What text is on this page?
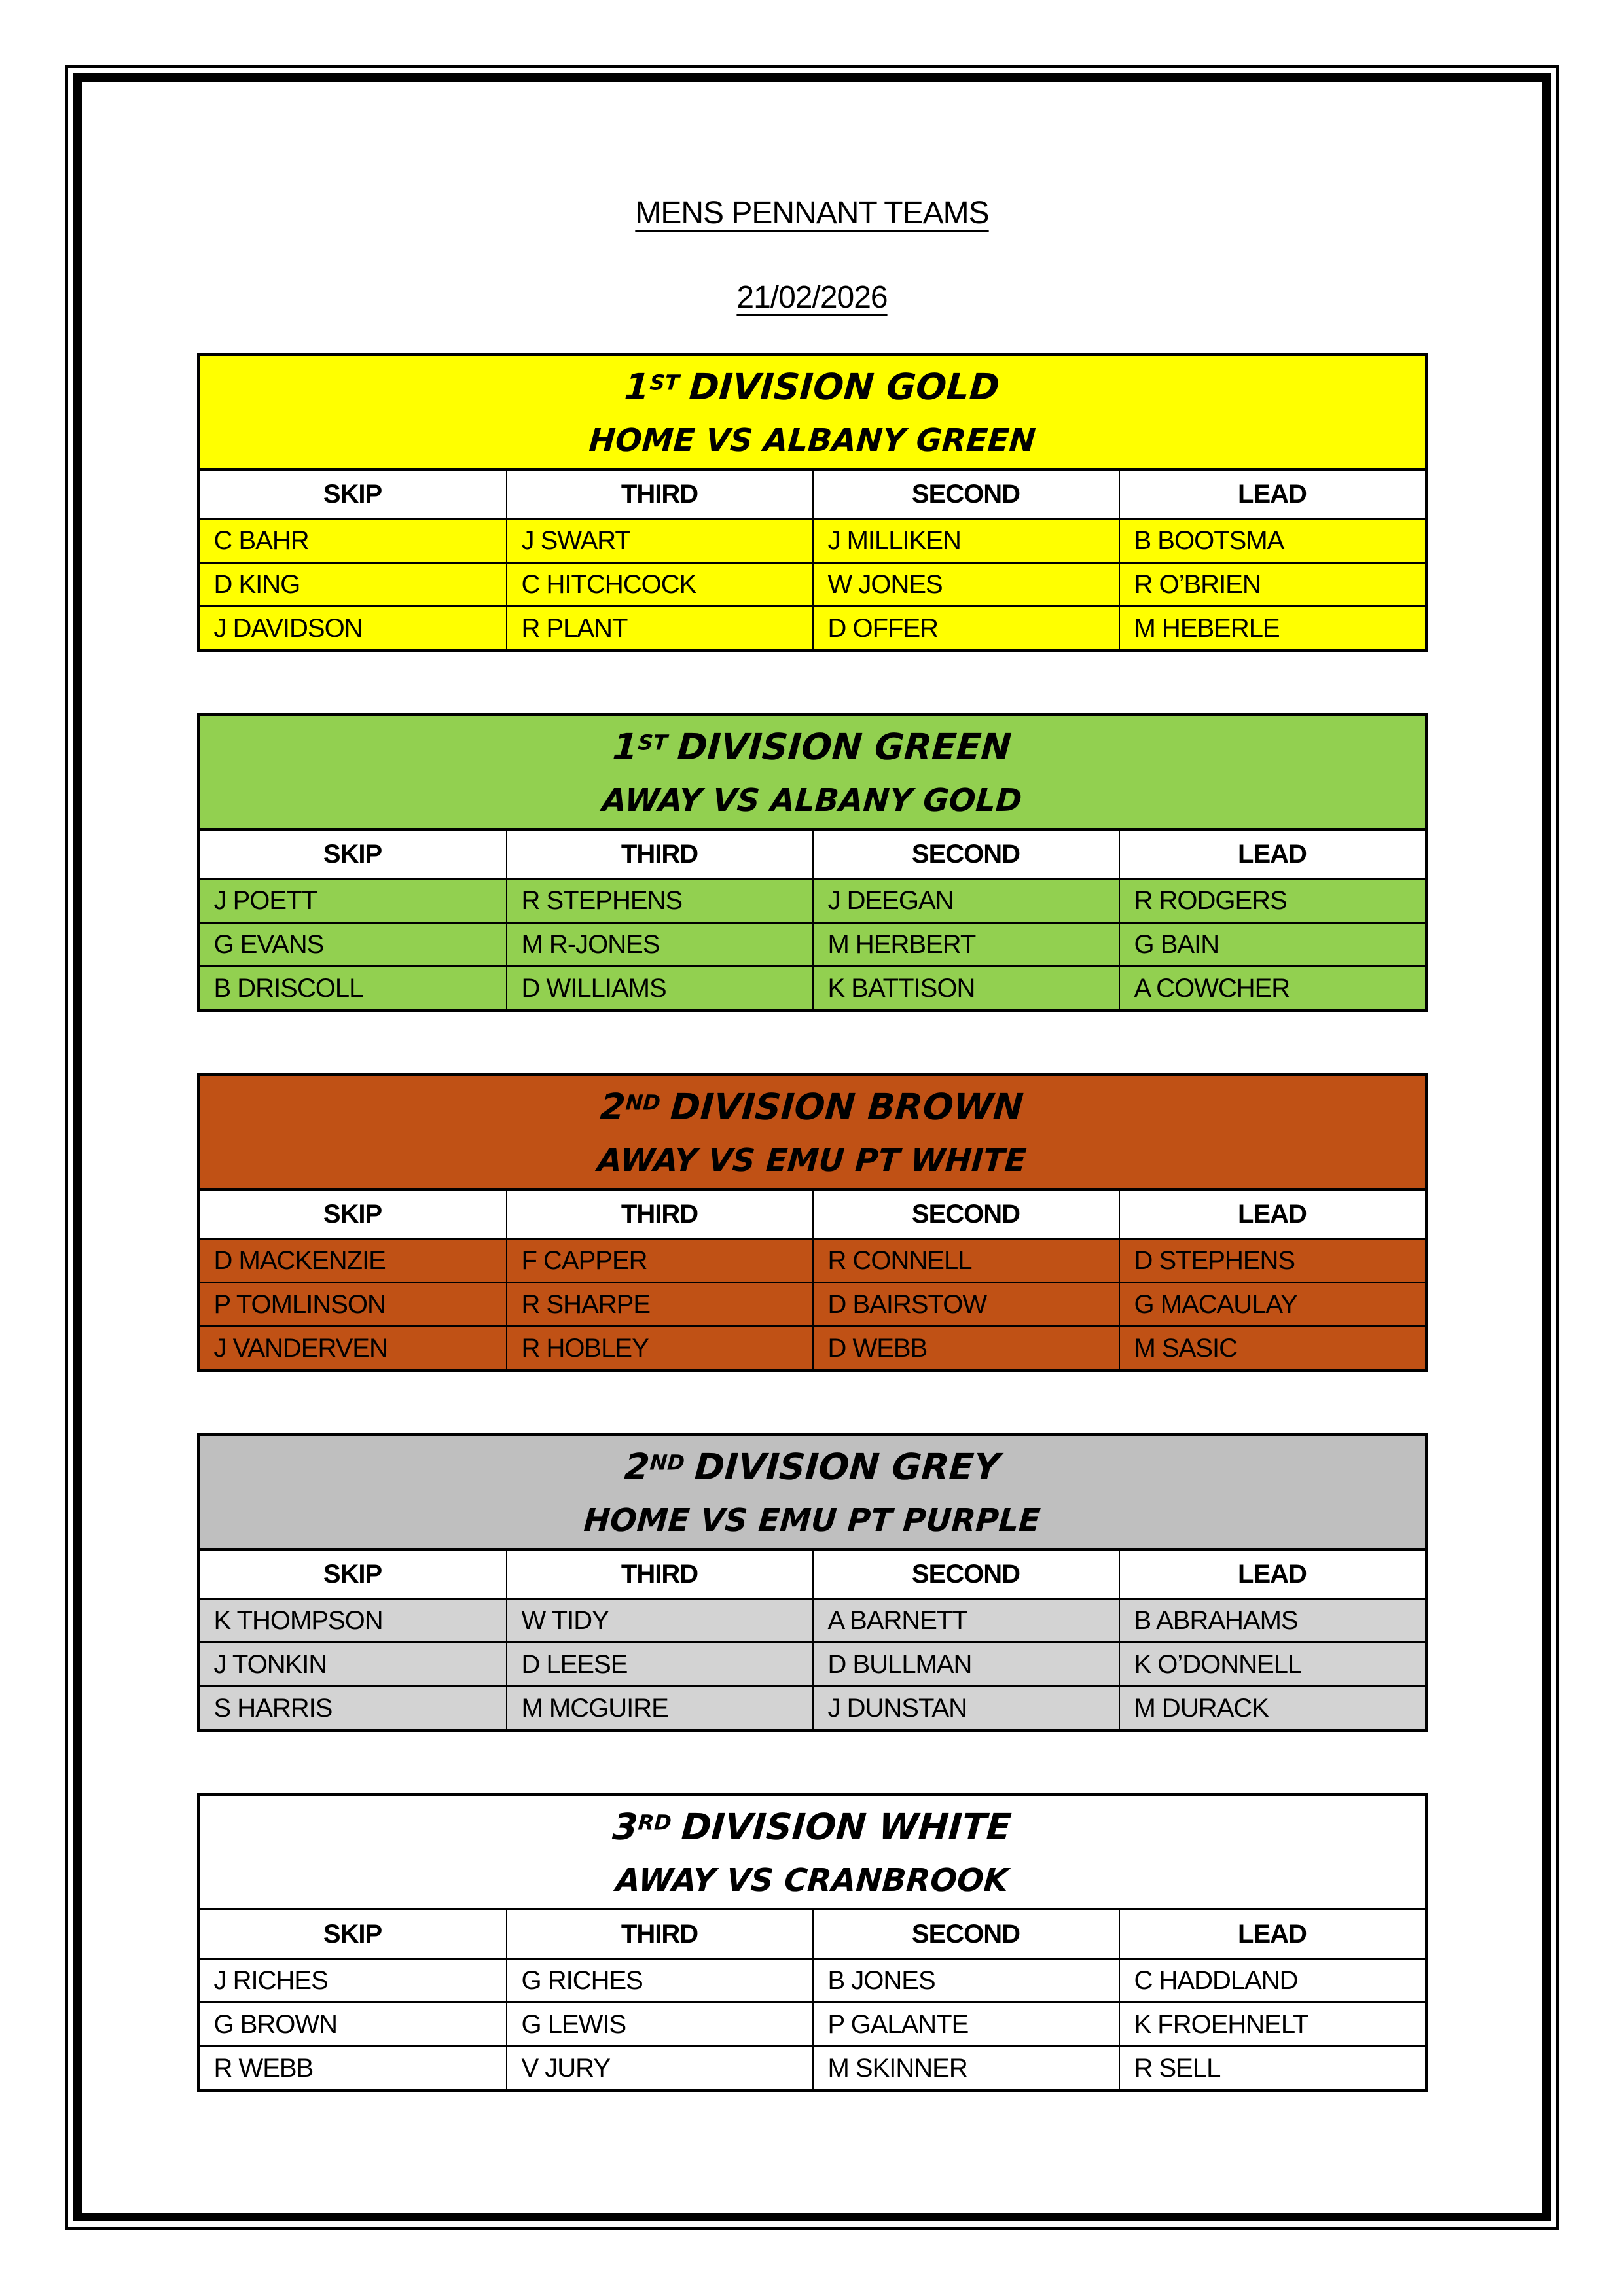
MENS PENNANT TEAMS
21/02/2026
1ST DIVISION GOLD
HOME VS ALBANY GREEN
SKIP	THIRD	SECOND	LEAD
C BAHR	J SWART	J MILLIKEN	B BOOTSMA
D KING	C HITCHCOCK	W JONES	R O’BRIEN
J DAVIDSON	R PLANT	D OFFER	M HEBERLE
1ST DIVISION GREEN
AWAY VS ALBANY GOLD
SKIP	THIRD	SECOND	LEAD
J POETT	R STEPHENS	J DEEGAN	R RODGERS
G EVANS	M R-JONES	M HERBERT	G BAIN
B DRISCOLL	D WILLIAMS	K BATTISON	A COWCHER
2ND DIVISION BROWN
AWAY VS EMU PT WHITE
SKIP	THIRD	SECOND	LEAD
D MACKENZIE	F CAPPER	R CONNELL	D STEPHENS
P TOMLINSON	R SHARPE	D BAIRSTOW	G MACAULAY
J VANDERVEN	R HOBLEY	D WEBB	M SASIC
2ND DIVISION GREY
HOME VS EMU PT PURPLE
SKIP	THIRD	SECOND	LEAD
K THOMPSON	W TIDY	A BARNETT	B ABRAHAMS
J TONKIN	D LEESE	D BULLMAN	K O’DONNELL
S HARRIS	M MCGUIRE	J DUNSTAN	M DURACK
3RD DIVISION WHITE
AWAY VS CRANBROOK
SKIP	THIRD	SECOND	LEAD
J RICHES	G RICHES	B JONES	C HADDLAND
G BROWN	G LEWIS	P GALANTE	K FROEHNELT
R WEBB	V JURY	M SKINNER	R SELL
